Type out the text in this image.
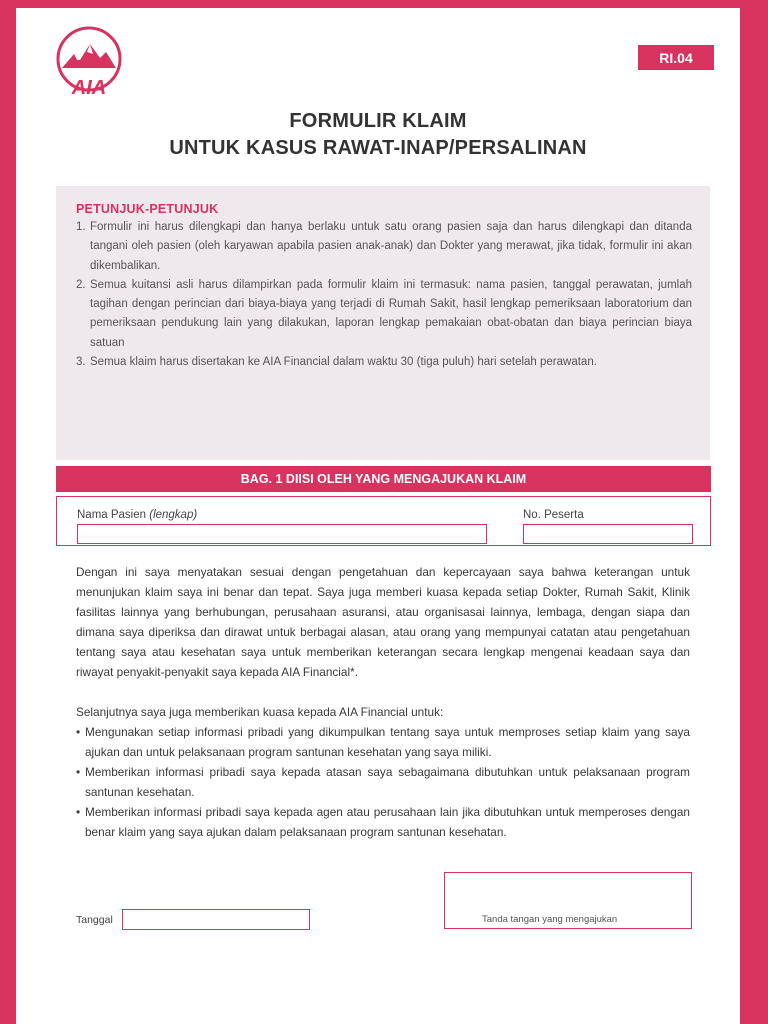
AIA
RI.04
FORMULIR KLAIM
UNTUK KASUS RAWAT-INAP/PERSALINAN
PETUNJUK-PETUNJUK
1. Formulir ini harus dilengkapi dan hanya berlaku untuk satu orang pasien saja dan harus dilengkapi dan ditanda tangani oleh pasien (oleh karyawan apabila pasien anak-anak) dan Dokter yang merawat, jika tidak, formulir ini akan dikembalikan.
2. Semua kuitansi asli harus dilampirkan pada formulir klaim ini termasuk: nama pasien, tanggal perawatan, jumlah tagihan dengan perincian dari biaya-biaya yang terjadi di Rumah Sakit, hasil lengkap pemeriksaan laboratorium dan pemeriksaan pendukung lain yang dilakukan, laporan lengkap pemakaian obat-obatan dan biaya perincian biaya satuan
3. Semua klaim harus disertakan ke AIA Financial dalam waktu 30 (tiga puluh) hari setelah perawatan.
BAG. 1 DIISI OLEH YANG MENGAJUKAN KLAIM
Nama Pasien (lengkap)	No. Peserta

Dengan ini saya menyatakan sesuai dengan pengetahuan dan kepercayaan saya bahwa keterangan untuk menunjukan klaim saya ini benar dan tepat. Saya juga memberi kuasa kepada setiap Dokter, Rumah Sakit, Klinik fasilitas lainnya yang berhubungan, perusahaan asuransi, atau organisasai lainnya, lembaga, dengan siapa dan dimana saya diperiksa dan dirawat untuk berbagai alasan, atau orang yang mempunyai catatan atau pengetahuan tentang saya atau kesehatan saya untuk memberikan keterangan secara lengkap mengenai keadaan saya dan riwayat penyakit-penyakit saya kepada AIA Financial*.

Selanjutnya saya juga memberikan kuasa kepada AIA Financial untuk:

• Mengunakan setiap informasi pribadi yang dikumpulkan tentang saya untuk memproses setiap klaim yang saya ajukan dan untuk pelaksanaan program santunan kesehatan yang saya miliki.
• Memberikan informasi pribadi saya kepada atasan saya sebagaimana dibutuhkan untuk pelaksanaan program santunan kesehatan.
• Memberikan informasi pribadi saya kepada agen atau perusahaan lain jika dibutuhkan untuk memperoses dengan benar klaim yang saya ajukan dalam pelaksanaan program santunan kesehatan.
Tanggal	Tanda tangan yang mengajukan
